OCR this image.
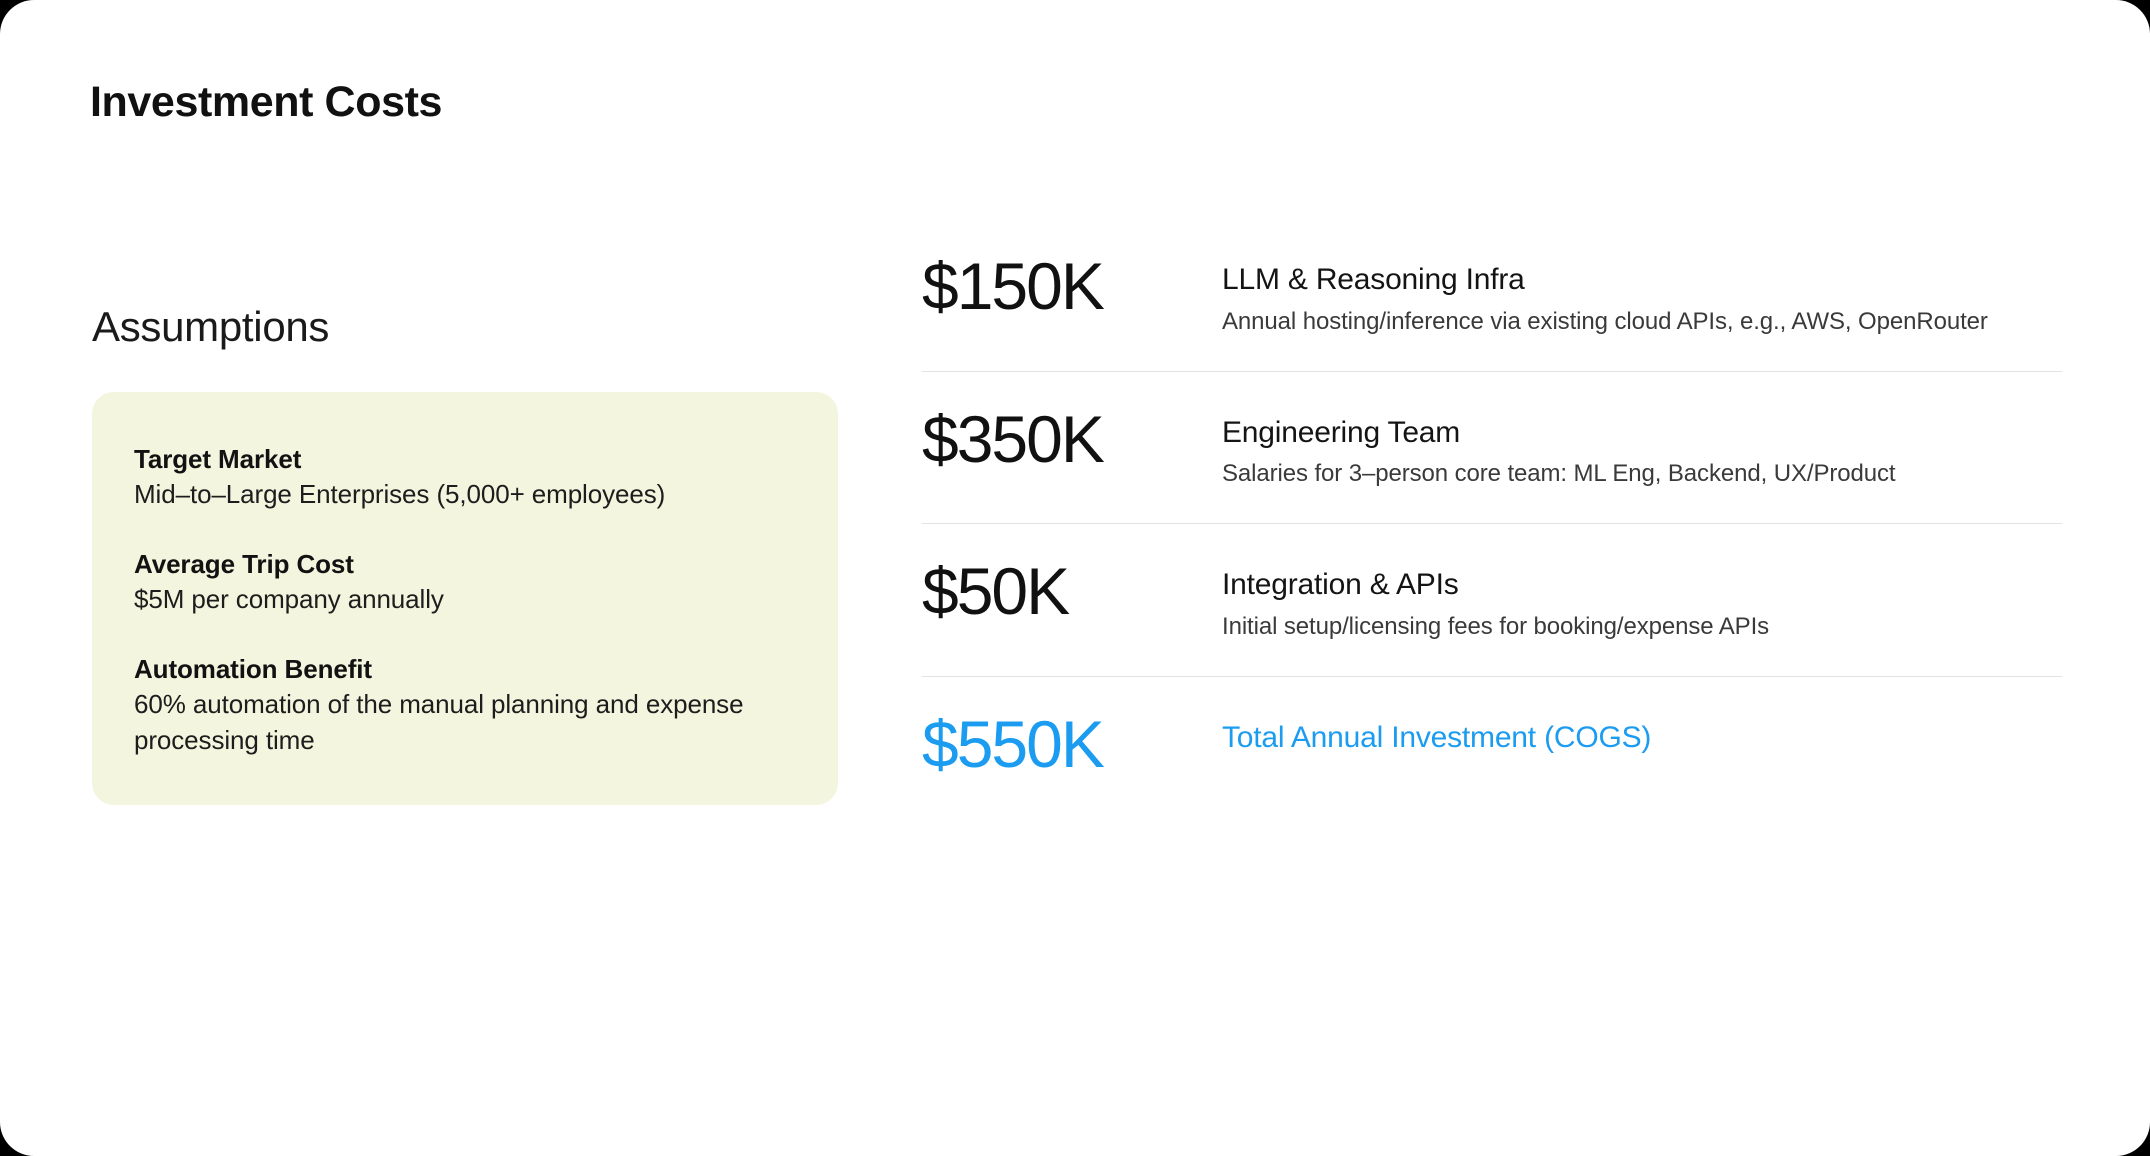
Investment Costs
Assumptions
Target Market
Mid–to–Large Enterprises (5,000+ employees)
Average Trip Cost
$5M per company annually
Automation Benefit
60% automation of the manual planning and expense processing time
$150K	LLM & Reasoning Infra
Annual hosting/inference via existing cloud APIs, e.g., AWS, OpenRouter
$350K	Engineering Team
Salaries for 3–person core team: ML Eng, Backend, UX/Product
$50K	Integration & APIs
Initial setup/licensing fees for booking/expense APIs
$550K	Total Annual Investment (COGS)
